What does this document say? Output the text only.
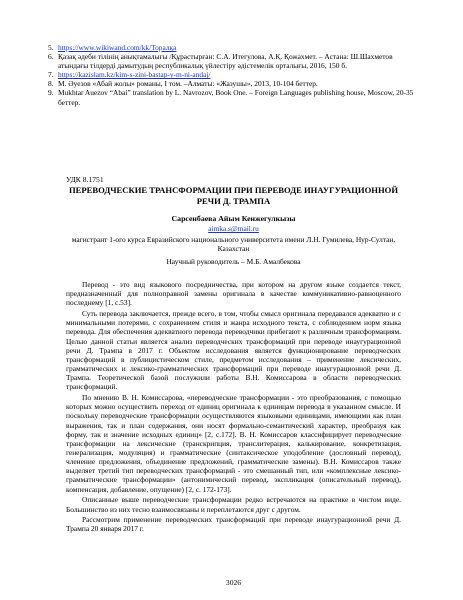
5. https://www.wikiwand.com/kk/Торалқа
6. Қазақ әдеби тілінің анықтамалығы /Құрастырған: С.А. Итегулова, А.Қ. Қожахмет. – Астана: Ш.Шахметов атындағы тілдерді дамытудың республикалық үйлестіру әдістемелік орталығы, 2016, 150 б.
7. https://kazislam.kz/kim-s-zini-bastap-y-m-ni-andaj/
8. М. Әуезов «Абай жолы» романы, I том. –Алматы: «Жазушы», 2013, 10-104 беттер.
9. Mukhtar Auezov “Abai” translation by L. Navrozov, Book One. – Foreign Languages publishing house, Moscow, 20-35 беттер.
УДК 8.1751
ПЕРЕВОДЧЕСКИЕ ТРАНСФОРМАЦИИ ПРИ ПЕРЕВОДЕ ИНАУГУРАЦИОННОЙ РЕЧИ Д. ТРАМПА
Сарсенбаева Айым Кенжегулкызы
aimka.s@mail.ru
магистрант 1-ого курса Евразийского национального университета имени Л.Н. Гумилева, Нур-Султан, Казахстан
Научный руководитель – М.Б. Амалбекова

Перевод - это вид языкового посредничества, при котором на другом языке создается текст, предназначенный для полноправной замены оригинала в качестве коммуникативно-равноценного последнему [1, с.53].

Суть перевода заключается, прежде всего, в том, чтобы смысл оригинала передавался адекватно и с минимальными потерями, с сохранением стиля и жанра исходного текста, с соблюдением норм языка перевода. Для обеспечения адекватного перевода переводчики прибегают к различным трансформациям. Целью данной статьи является анализ переводческих трансформаций при переводе инаугурационной речи Д. Трампа в 2017 г. Объектом исследования является функционирование переводческих трансформаций в публицистическом стиле, предметом исследования – применение лексических, грамматических и лексико-грамматических трансформаций при переводе инаугурационной речи Д. Трампа. Теоретической базой послужили работы В.Н. Комиссарова в области переводческих трансформаций.

По мнению В. Н. Комиссарова, «переводческие трансформации - это преобразования, с помощью которых можно осуществить переход от единиц оригинала к единицам перевода в указанном смысле. И поскольку переводческие трансформации осуществляются языковыми единицами, имеющими как план выражения, так и план содержания, они носят формально-семантический характер, преобразуя как форму, так и значение исходных единиц» [2, с.172]. В. Н. Комиссаров классифицирует переводческие трансформации на лексические (транскрипция, транслитерация, калькирование, конкретизация, генерализация, модуляция) и грамматические (синтаксическое уподобление (дословный перевод), членение предложения, объединение предложений, грамматические замены). В.Н. Комиссаров также выделяет третий тип переводческих трансформаций - это смешанный тип, или «комплексные лексико-грамматические трансформации» (антонимический перевод, экспликация (описательный перевод), компенсация, добавление, опущение) [2, с. 172-173].

Описанные выше переводческие трансформации редко встречаются на практике в чистом виде. Большинство из них тесно взаимосвязаны и переплетаются друг с другом.

Рассмотрим применение переводческих трансформаций при переводе инаугурационной речи Д. Трампа 20 января 2017 г.

3026
